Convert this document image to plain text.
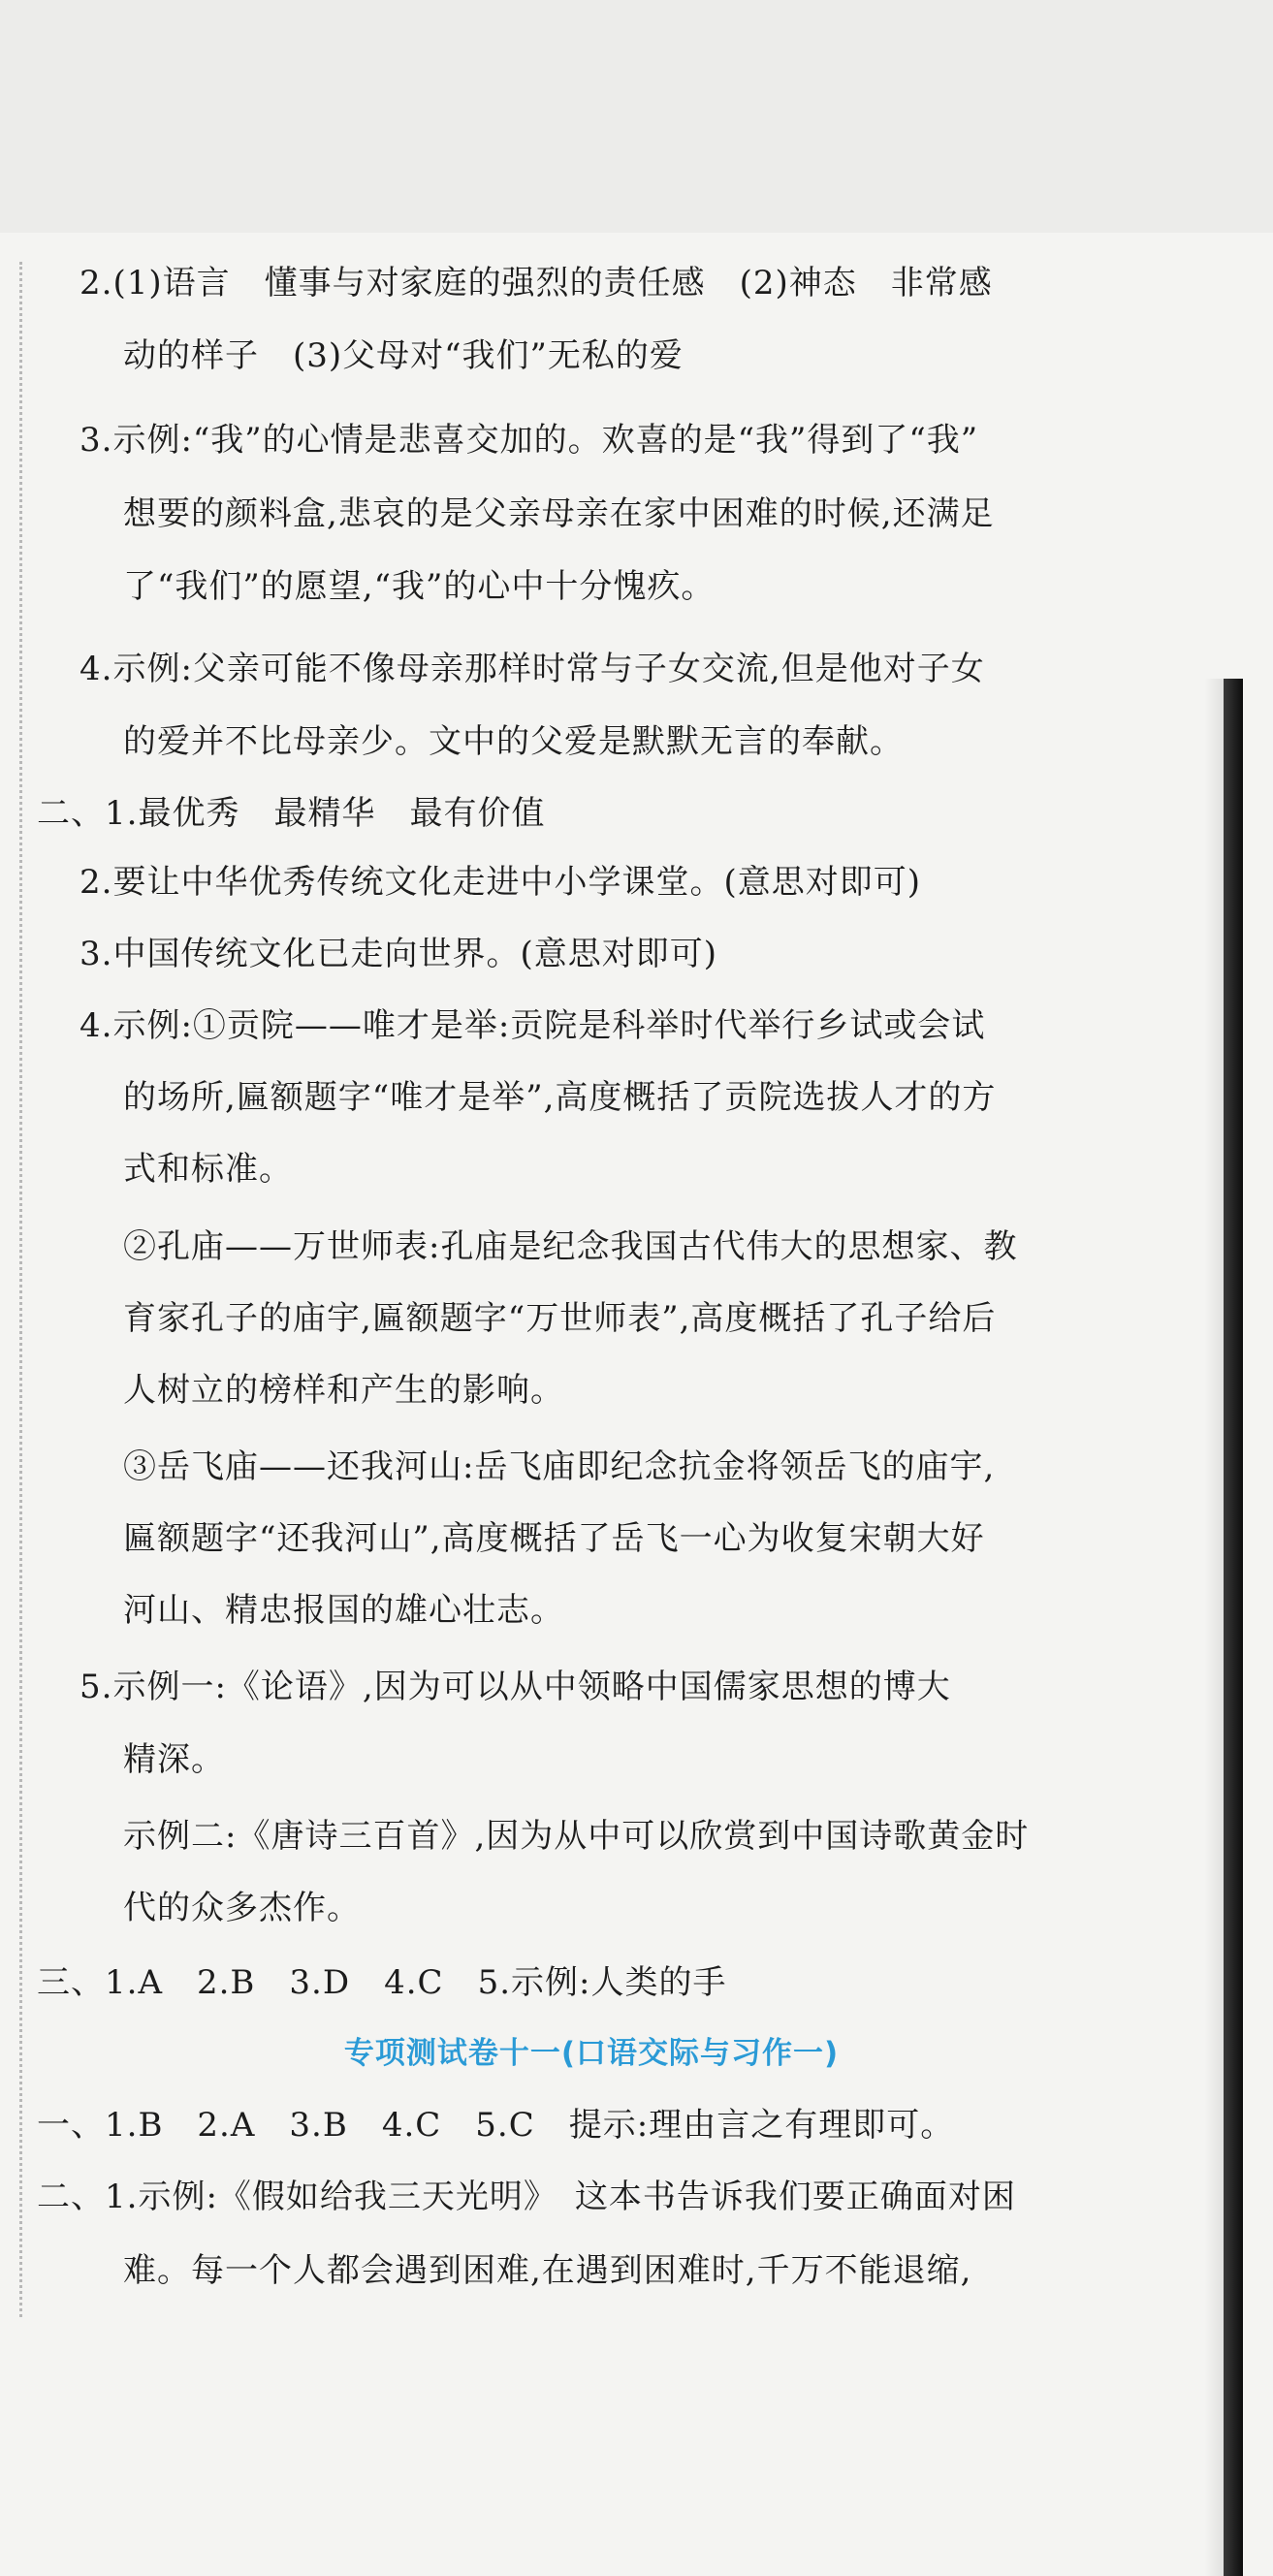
2.(1)语言　懂事与对家庭的强烈的责任感　(2)神态　非常感

动的样子　(3)父母对“我们”无私的爱

3.示例:“我”的心情是悲喜交加的。欢喜的是“我”得到了“我”

想要的颜料盒,悲哀的是父亲母亲在家中困难的时候,还满足

了“我们”的愿望,“我”的心中十分愧疚。

4.示例:父亲可能不像母亲那样时常与子女交流,但是他对子女

的爱并不比母亲少。文中的父爱是默默无言的奉献。

二、1.最优秀　最精华　最有价值

2.要让中华优秀传统文化走进中小学课堂。(意思对即可)

3.中国传统文化已走向世界。(意思对即可)

4.示例:①贡院——唯才是举:贡院是科举时代举行乡试或会试

的场所,匾额题字“唯才是举”,高度概括了贡院选拔人才的方

式和标准。

②孔庙——万世师表:孔庙是纪念我国古代伟大的思想家、教

育家孔子的庙宇,匾额题字“万世师表”,高度概括了孔子给后

人树立的榜样和产生的影响。

③岳飞庙——还我河山:岳飞庙即纪念抗金将领岳飞的庙宇,

匾额题字“还我河山”,高度概括了岳飞一心为收复宋朝大好

河山、精忠报国的雄心壮志。

5.示例一:《论语》,因为可以从中领略中国儒家思想的博大

精深。

示例二:《唐诗三百首》,因为从中可以欣赏到中国诗歌黄金时

代的众多杰作。

三、1.A　2.B　3.D　4.C　5.示例:人类的手

专项测试卷十一(口语交际与习作一)

一、1.B　2.A　3.B　4.C　5.C　提示:理由言之有理即可。

二、1.示例:《假如给我三天光明》　这本书告诉我们要正确面对困

难。每一个人都会遇到困难,在遇到困难时,千万不能退缩,
